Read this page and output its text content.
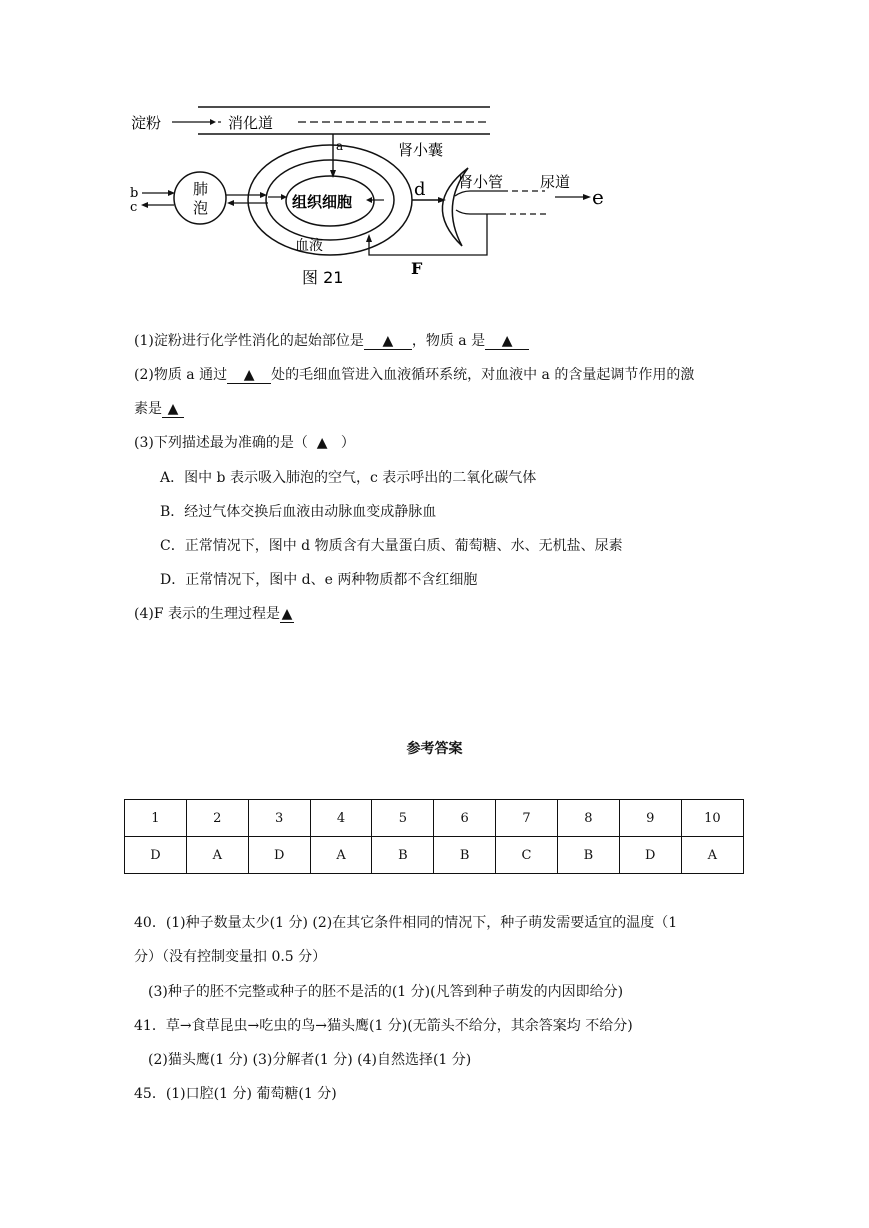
淀粉	消化道
a
组织细胞
血液
肺
泡
b
c
d
肾小囊
肾小管 尿道
e
F
图 21
(1)淀粉进行化学性消化的起始部位是 ▲ ，物质 a 是 ▲
(2)物质 a 通过 ▲ 处的毛细血管进入血液循环系统，对血液中 a 的含量起调节作用的激
素是 ▲
(3)下列描述最为准确的是（ ▲ ）
A．图中 b 表示吸入肺泡的空气，c 表示呼出的二氧化碳气体
B．经过气体交换后血液由动脉血变成静脉血
C．正常情况下，图中 d 物质含有大量蛋白质、葡萄糖、水、无机盐、尿素
D．正常情况下，图中 d、e 两种物质都不含红细胞
(4)F 表示的生理过程是 ▲
参考答案
1	2	3	4	5	6	7	8	9	10
D	A	D	A	B	B	C	B	D	A
40．(1)种子数量太少(1 分) (2)在其它条件相同的情况下，种子萌发需要适宜的温度（1
分）（没有控制变量扣 0.5 分）
(3)种子的胚不完整或种子的胚不是活的(1 分)(凡答到种子萌发的内因即给分)
41．草→食草昆虫→吃虫的鸟→猫头鹰(1 分)(无箭头不给分，其余答案均 不给分)
(2)猫头鹰(1 分) (3)分解者(1 分) (4)自然选择(1 分)
45．(1)口腔(1 分) 葡萄糖(1 分)
